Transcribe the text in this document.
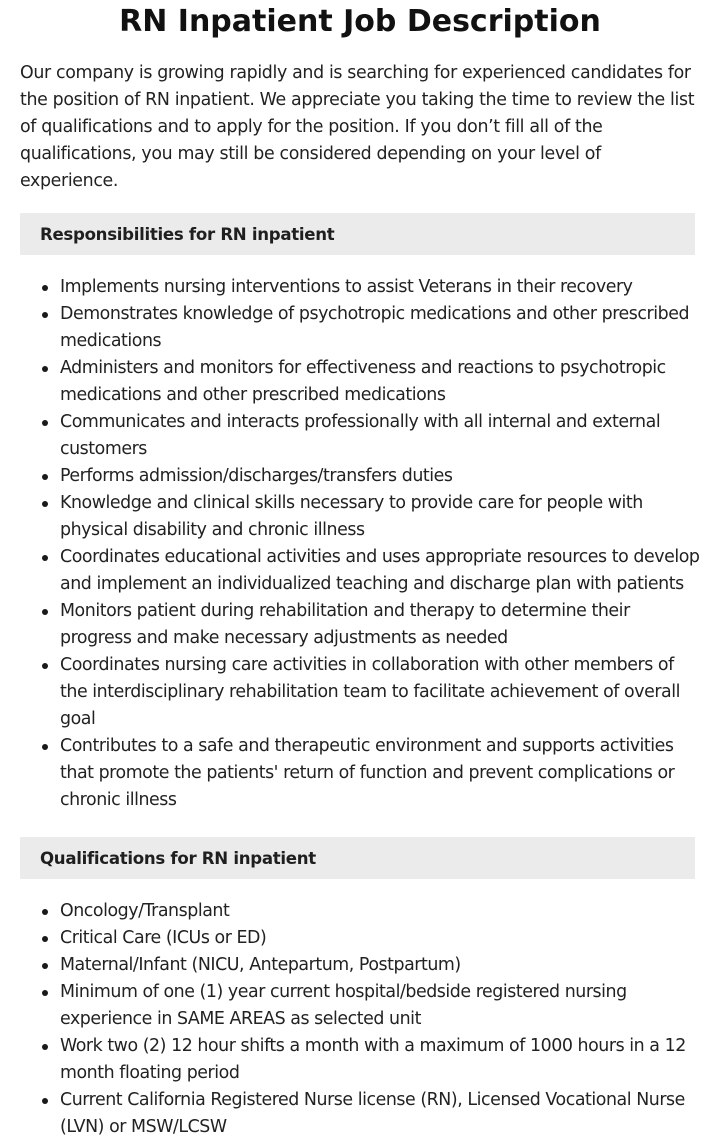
RN Inpatient Job Description

Our company is growing rapidly and is searching for experienced candidates for the position of RN inpatient. We appreciate you taking the time to review the list of qualifications and to apply for the position. If you don’t fill all of the qualifications, you may still be considered depending on your level of experience.

Responsibilities for RN inpatient
Implements nursing interventions to assist Veterans in their recovery
Demonstrates knowledge of psychotropic medications and other prescribed medications
Administers and monitors for effectiveness and reactions to psychotropic medications and other prescribed medications
Communicates and interacts professionally with all internal and external customers
Performs admission/discharges/transfers duties
Knowledge and clinical skills necessary to provide care for people with physical disability and chronic illness
Coordinates educational activities and uses appropriate resources to develop and implement an individualized teaching and discharge plan with patients
Monitors patient during rehabilitation and therapy to determine their progress and make necessary adjustments as needed
Coordinates nursing care activities in collaboration with other members of the interdisciplinary rehabilitation team to facilitate achievement of overall goal
Contributes to a safe and therapeutic environment and supports activities that promote the patients' return of function and prevent complications or chronic illness
Qualifications for RN inpatient
Oncology/Transplant
Critical Care (ICUs or ED)
Maternal/Infant (NICU, Antepartum, Postpartum)
Minimum of one (1) year current hospital/bedside registered nursing experience in SAME AREAS as selected unit
Work two (2) 12 hour shifts a month with a maximum of 1000 hours in a 12 month floating period
Current California Registered Nurse license (RN), Licensed Vocational Nurse (LVN) or MSW/LCSW
